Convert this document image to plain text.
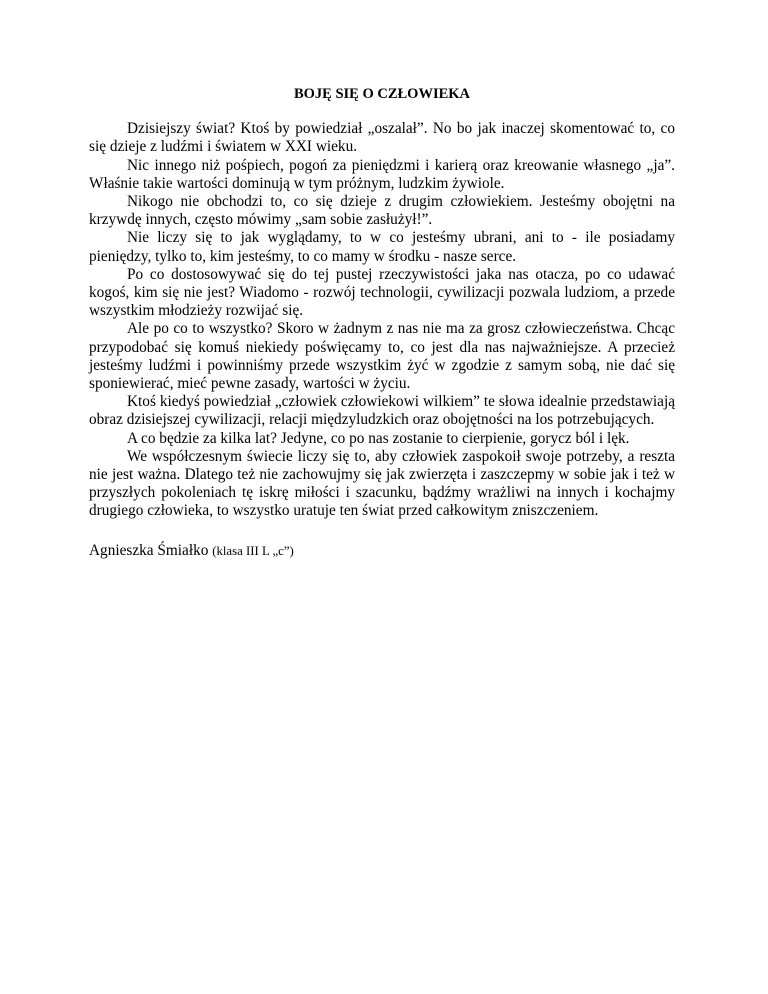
BOJĘ SIĘ O CZŁOWIEKA

Dzisiejszy świat? Ktoś by powiedział „oszalał”. No bo jak inaczej skomentować to, co się dzieje z ludźmi i światem w XXI wieku.

Nic innego niż pośpiech, pogoń za pieniędzmi i karierą oraz kreowanie własnego „ja”. Właśnie takie wartości dominują w tym próżnym, ludzkim żywiole.

Nikogo nie obchodzi to, co się dzieje z drugim człowiekiem. Jesteśmy obojętni na krzywdę innych, często mówimy „sam sobie zasłużył!”.

Nie liczy się to jak wyglądamy, to w co jesteśmy ubrani, ani to - ile posiadamy pieniędzy, tylko to, kim jesteśmy, to co mamy w środku - nasze serce.

Po co dostosowywać się do tej pustej rzeczywistości jaka nas otacza, po co udawać kogoś, kim się nie jest? Wiadomo - rozwój technologii, cywilizacji pozwala ludziom, a przede wszystkim młodzieży rozwijać się.

Ale po co to wszystko? Skoro w żadnym z nas nie ma za grosz człowieczeństwa. Chcąc przypodobać się komuś niekiedy poświęcamy to, co jest dla nas najważniejsze. A przecież jesteśmy ludźmi i powinniśmy przede wszystkim żyć w zgodzie z samym sobą, nie dać się sponiewierać, mieć pewne zasady, wartości w życiu.

Ktoś kiedyś powiedział „człowiek człowiekowi wilkiem” te słowa idealnie przedstawiają obraz dzisiejszej cywilizacji, relacji międzyludzkich oraz obojętności na los potrzebujących.

A co będzie za kilka lat? Jedyne, co po nas zostanie to cierpienie, gorycz ból i lęk.

We współczesnym świecie liczy się to, aby człowiek zaspokoił swoje potrzeby, a reszta nie jest ważna. Dlatego też nie zachowujmy się jak zwierzęta i zaszczepmy w sobie jak i też w przyszłych pokoleniach tę iskrę miłości i szacunku, bądźmy wrażliwi na innych i kochajmy drugiego człowieka, to wszystko uratuje ten świat przed całkowitym zniszczeniem.

Agnieszka Śmiałko (klasa III L „c”)
